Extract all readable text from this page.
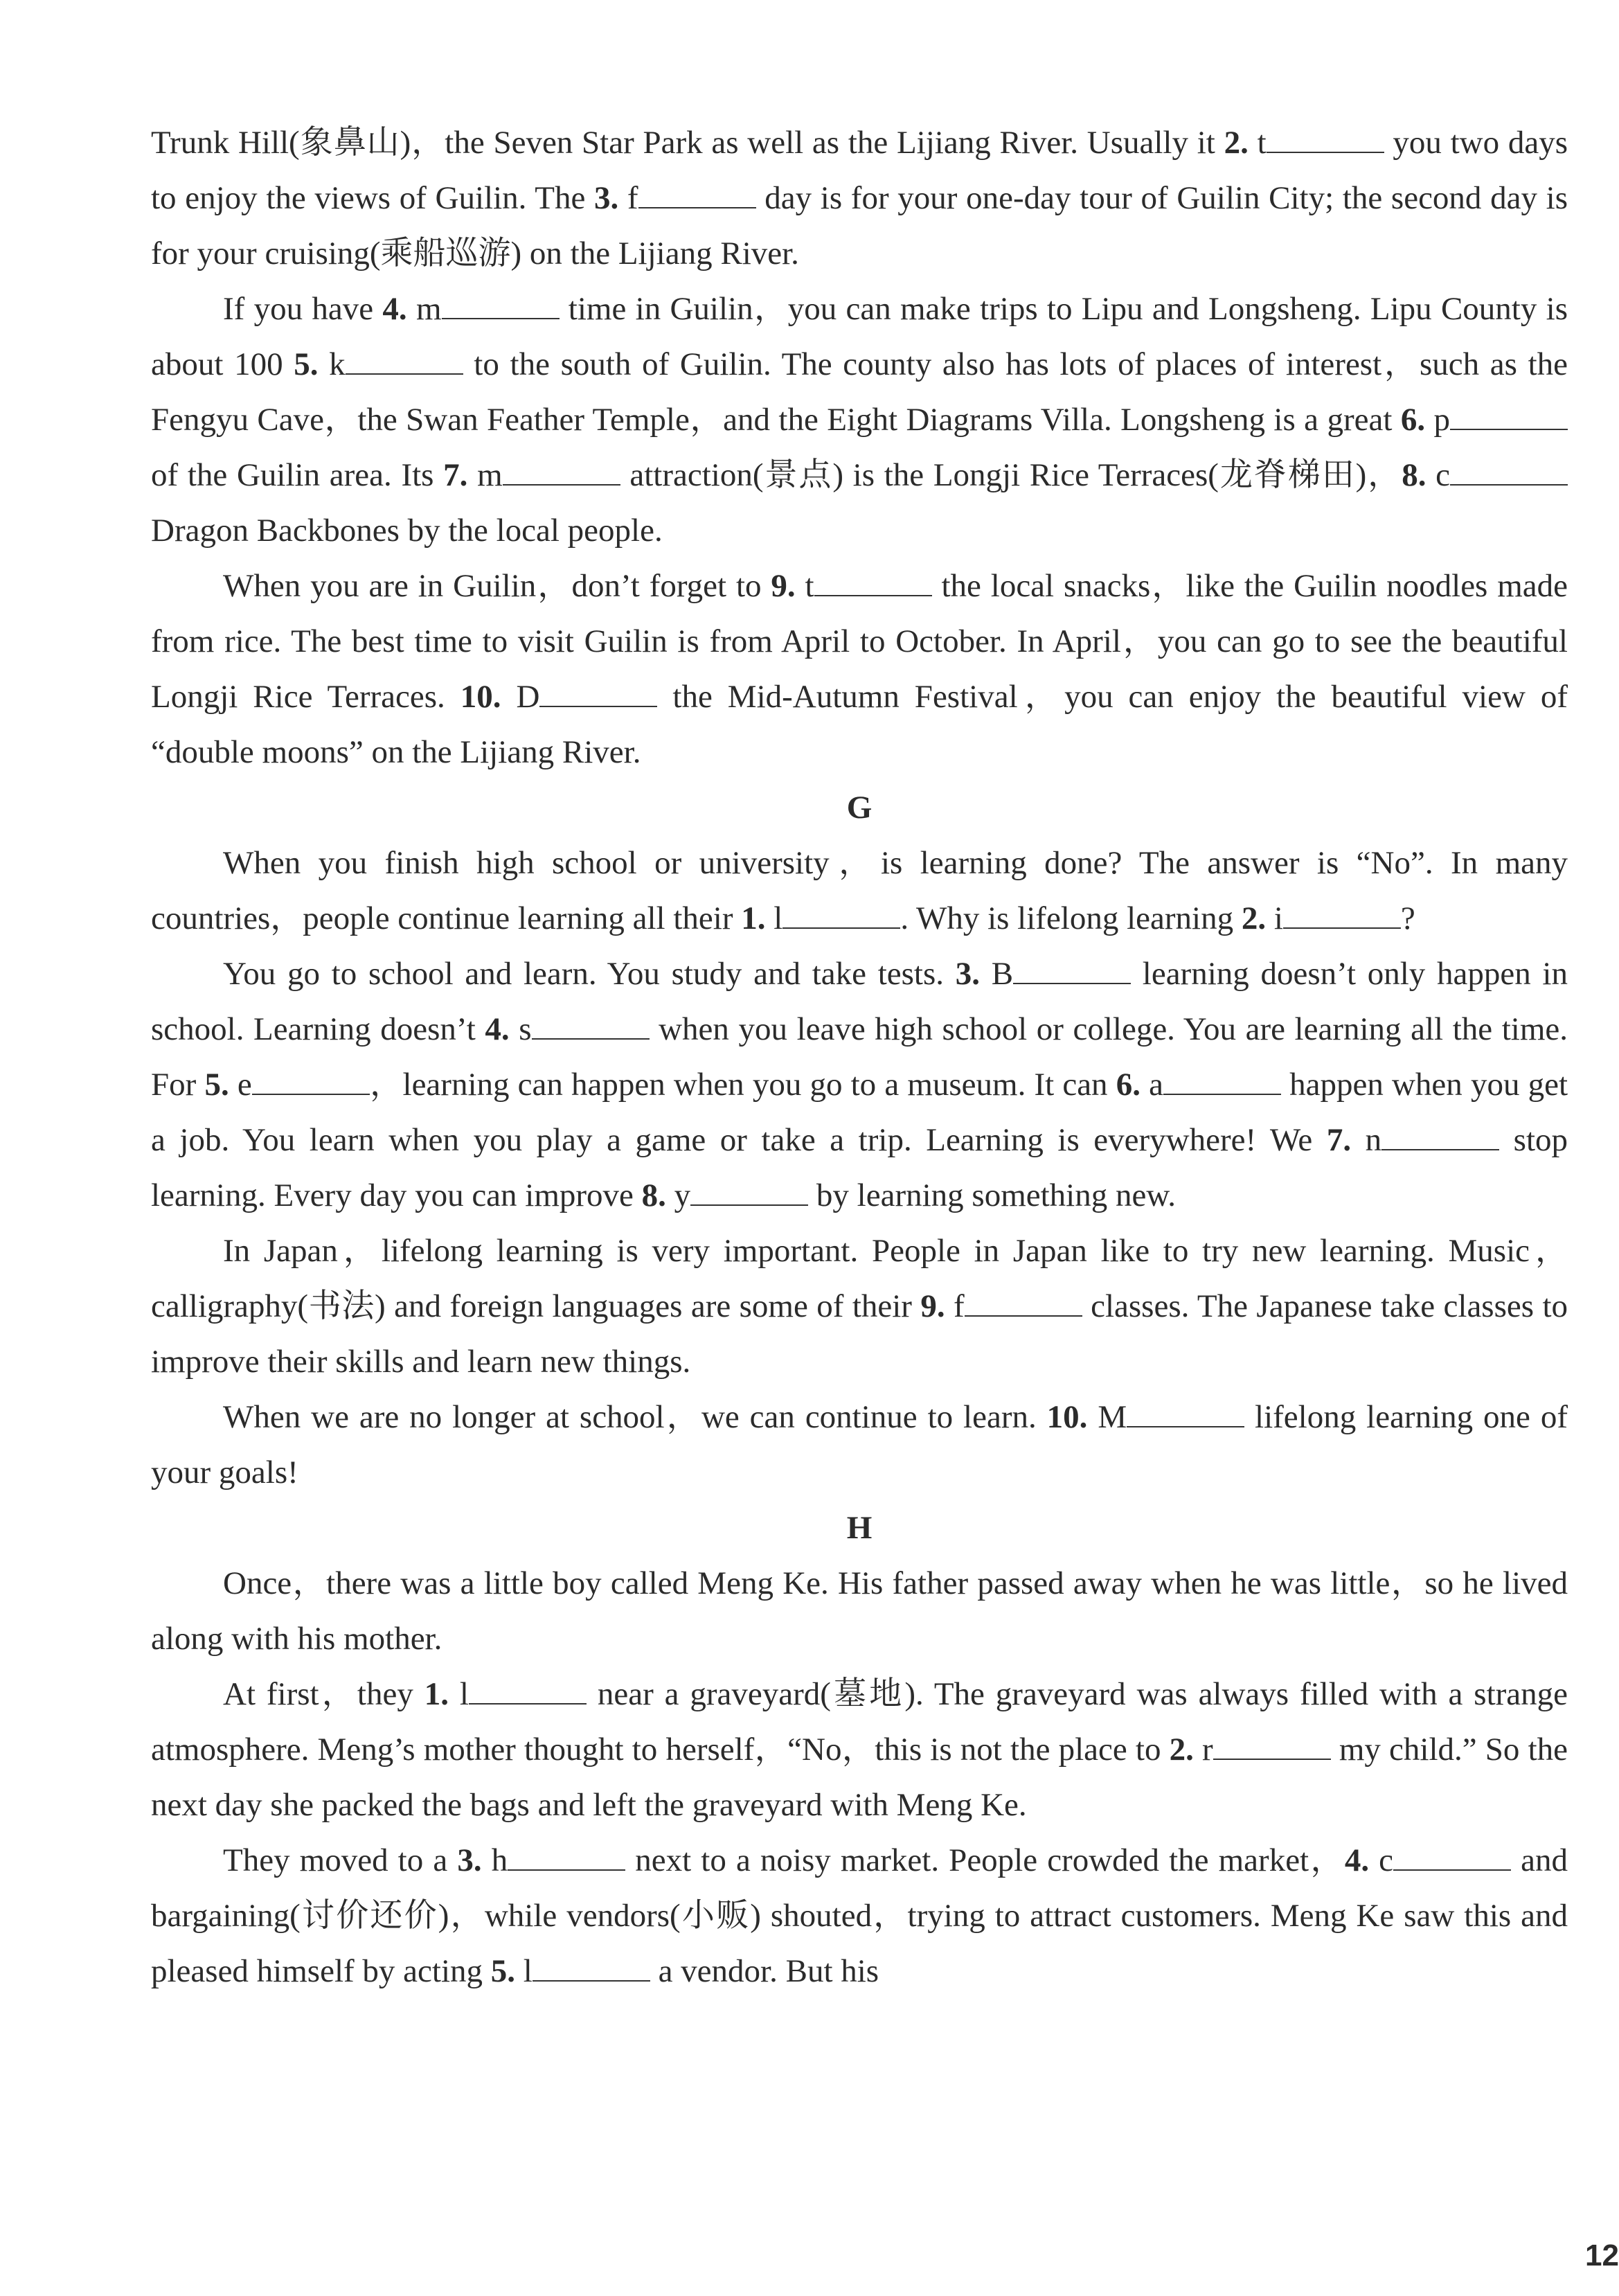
Trunk Hill(象鼻山)，the Seven Star Park as well as the Lijiang River. Usually it 2. t	you two days to enjoy the views of Guilin. The 3. f	day is for your one-day tour of Guilin City; the second day is for your cruising(乘船巡游) on the Lijiang River.

If you have 4. m	time in Guilin，you can make trips to Lipu and Longsheng. Lipu County is about 100 5. k	to the south of Guilin. The county also has lots of places of interest，such as the Fengyu Cave，the Swan Feather Temple，and the Eight Diagrams Villa. Longsheng is a great 6. p of the Guilin area. Its 7. m	attraction(景点) is the Longji Rice Terraces(龙脊梯田)，8. c Dragon Backbones by the local people.

When you are in Guilin，don’t forget to 9. t	the local snacks，like the Guilin noodles made from rice. The best time to visit Guilin is from April to October. In April，you can go to see the beautiful Longji Rice Terraces. 10. D	the Mid-Autumn Festival，you can enjoy the beautiful view of “double moons” on the Lijiang River.

G

When you finish high school or university，is learning done? The answer is “No”. In many countries，people continue learning all their 1. l	. Why is lifelong learning 2. i	?

You go to school and learn. You study and take tests. 3. B	learning doesn’t only happen in school. Learning doesn’t 4. s	when you leave high school or college. You are learning all the time. For 5. e	，learning can happen when you go to a museum. It can 6. a	happen when you get a job. You learn when you play a game or take a trip. Learning is everywhere! We 7. n	stop learning. Every day you can improve 8. y	by learning something new.

In Japan，lifelong learning is very important. People in Japan like to try new learning. Music，calligraphy(书法) and foreign languages are some of their 9. f	classes. The Japanese take classes to improve their skills and learn new things.

When we are no longer at school，we can continue to learn. 10. M	lifelong learning one of your goals!

H

Once，there was a little boy called Meng Ke. His father passed away when he was little，so he lived along with his mother.

At first，they 1. l	near a graveyard(墓地). The graveyard was always filled with a strange atmosphere. Meng’s mother thought to herself，“No，this is not the place to 2. r	my child.” So the next day she packed the bags and left the graveyard with Meng Ke.

They moved to a 3. h	next to a noisy market. People crowded the market，4. c	and bargaining(讨价还价)，while vendors(小贩) shouted，trying to attract customers. Meng Ke saw this and pleased himself by acting 5. l	a vendor. But his

12
